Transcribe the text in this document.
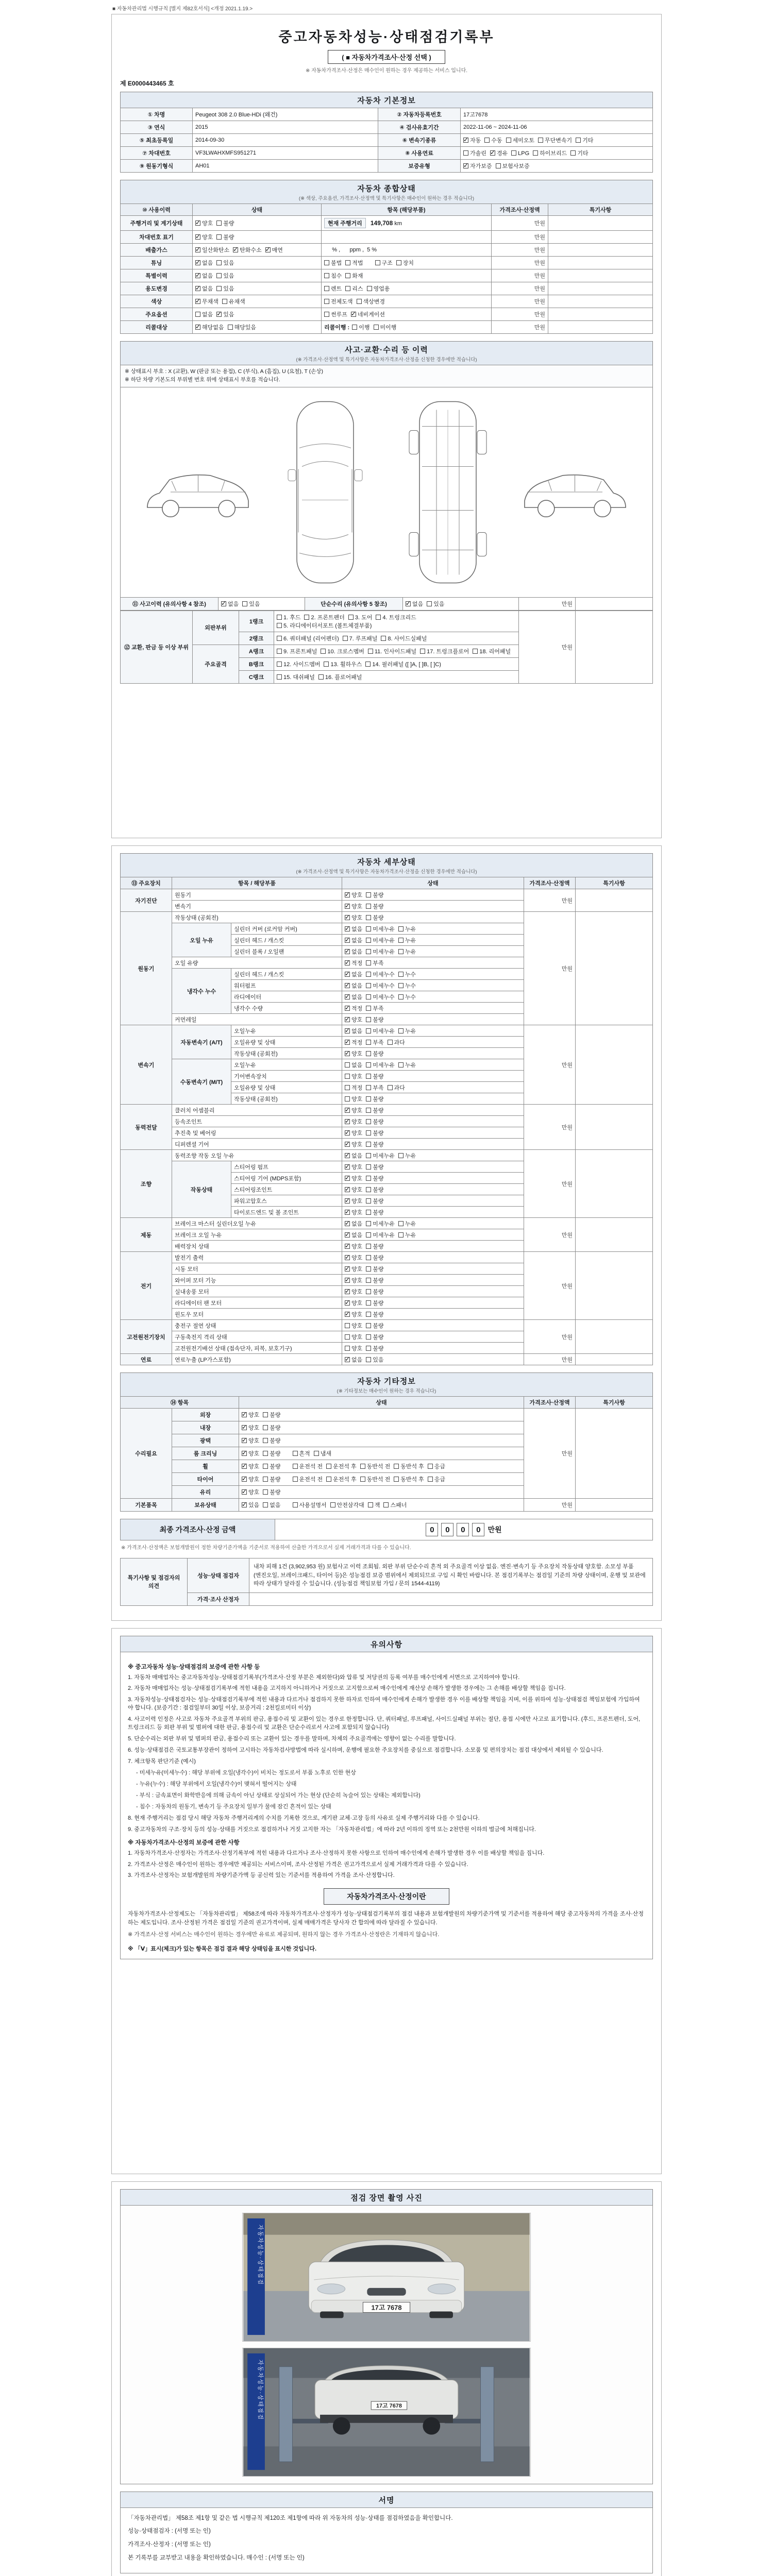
■ 자동차관리법 시행규칙 [별지 제82호서식] <개정 2021.1.19.>
중고자동차성능·상태점검기록부
( ■ 자동차가격조사·산정 선택 )
※ 자동차가격조사·산정은 매수인이 원하는 경우 제공하는 서비스 입니다.
제 E0000443465 호
자동차 기본정보
① 차명	Peugeot 308 2.0 Blue-HDi (왜건)	② 자동차등록번호	17고7678
③ 연식	2015	④ 검사유효기간	2022-11-06 ~ 2024-11-06
⑤ 최초등록일	2014-09-30	⑥ 변속기종류	✓자동 수동 세미오토 무단변속기 기타
⑦ 차대번호	VF3LWAHXMFS951271	⑧ 사용연료	가솔린 ✓ 경유 LPG 하이브리드 기타
⑨ 원동기형식	AH01	보증유형	✓자가보증 보험사보증
자동차 종합상태
(※ 색상, 주요옵션, 가격조사·산정액 및 특기사항은 매수인이 원하는 경우 적습니다)
⑩ 사용이력	상태	항목 (해당부품)	가격조사·산정액	특기사항
주행거리 및 계기상태	✓양호 불량	현재 주행거리 149,708 km	만원	
차대번호 표기	✓양호 불량		만원	
배출가스	✓일산화탄소 ✓ 탄화수소 ✓ 매연	% ,      ppm ,  5 %	만원	
튜닝	✓없음 있음	불법 적법 구조 장치	만원	
특별이력	✓없음 있음	침수 화재	만원	
용도변경	✓없음 있음	렌트 리스 영업용	만원	
색상	✓무채색 유채색	전체도색 색상변경	만원	
주요옵션	없음 ✓ 있음	썬루프 ✓ 네비게이션	만원	
리콜대상	✓해당없음 해당있음	리콜이행 : 이행 미이행	만원	
사고·교환·수리 등 이력
(※ 가격조사·산정액 및 특기사항은 자동차가격조사·산정을 신청한 경우에만 적습니다)
※ 상태표시 부호 : X (교환), W (판금 또는 용접), C (부식), A (흠집), U (요철), T (손상)
※ 하단 차량 기본도의 부위별 번호 위에 상태표시 부호를 적습니다.
⑪ 사고이력 (유의사항 4 참조)	✓없음 있음	단순수리 (유의사항 5 참조)	✓없음 있음	만원	
⑫ 교환, 판금 등 이상 부위	외판부위	1랭크	1. 후드 2. 프론트펜더 3. 도어 4. 트렁크리드5. 라디에이터서포트 (볼트체결부품)	만원	
		2랭크	6. 쿼터패널 (리어펜더) 7. 루프패널 8. 사이드실패널		
	주요골격	A랭크	9. 프론트패널 10. 크로스멤버 11. 인사이드패널 17. 트렁크플로어 18. 리어패널		
		B랭크	12. 사이드멤버 13. 휠하우스 14. 필러패널 ([ ]A, [ ]B, [ ]C)		
		C랭크	15. 대쉬패널 16. 플로어패널		
자동차 세부상태
(※ 가격조사·산정액 및 특기사항은 자동차가격조사·산정을 신청한 경우에만 적습니다)
⑬ 주요장치	항목 / 해당부품		상태	가격조사·산정액	특기사항
자기진단	원동기	✓양호 불량	만원	
	변속기	✓양호 불량
원동기	작동상태 (공회전)	✓양호 불량	만원	
	오일 누유	실린더 커버 (로커암 커버)	✓없음 미세누유 누유
		실린더 헤드 / 개스킷	✓없음 미세누유 누유
		실린더 블록 / 오일팬	✓없음 미세누유 누유
	오일 유량	✓적정 부족
	냉각수 누수	실린더 헤드 / 개스킷	✓없음 미세누수 누수
		워터펌프	✓없음 미세누수 누수
		라디에이터	✓없음 미세누수 누수
		냉각수 수량	✓적정 부족
	커먼레일	✓양호 불량
변속기	자동변속기 (A/T)	오일누유	✓없음 미세누유 누유	만원	
		오일유량 및 상태	✓적정 부족 과다
		작동상태 (공회전)	✓양호 불량
	수동변속기 (M/T)	오일누유	없음 미세누유 누유		
		기어변속장치	양호 불량		
		오일유량 및 상태	적정 부족 과다		
		작동상태 (공회전)	양호 불량		
동력전달	클러치 어셈블리	✓양호 불량	만원	
	등속조인트	✓양호 불량
	추진축 및 베어링	✓양호 불량
	디퍼렌셜 기어	✓양호 불량
조향	동력조향 작동 오일 누유	✓없음 미세누유 누유	만원	
	작동상태	스티어링 펌프	✓양호 불량
		스티어링 기어 (MDPS포함)	✓양호 불량
		스티어링조인트	✓양호 불량
		파워고압호스	✓양호 불량
		타이로드엔드 및 볼 조인트	✓양호 불량
제동	브레이크 마스터 실린더오일 누유	✓없음 미세누유 누유	만원	
	브레이크 오일 누유	✓없음 미세누유 누유
	배력장치 상태	✓양호 불량
전기	발전기 출력	✓양호 불량	만원	
	시동 모터	✓양호 불량
	와이퍼 모터 기능	✓양호 불량
	실내송풍 모터	✓양호 불량
	라디에이터 팬 모터	✓양호 불량
	윈도우 모터	✓양호 불량
고전원전기장치	충전구 절연 상태		양호 불량	만원	
	구동축전지 격리 상태		양호 불량		
	고전원전기배선 상태 (접속단자, 피복, 보호기구)		양호 불량		
연료	연료누출 (LP가스포함)	✓없음 있음	만원	
자동차 기타정보
(※ 기타정보는 매수인이 원하는 경우 적습니다)
⑭ 항목		상태	가격조사·산정액	특기사항
수리필요	외장	✓양호 불량	만원	
	내장	✓양호 불량
	광택	✓양호 불량
	룸 크리닝	✓양호 불량 흔적 냄새
	휠	✓양호 불량 운전석 전 운전석 후 동반석 전 동반석 후 응급
	타이어	✓양호 불량 운전석 전 운전석 후 동반석 전 동반석 후 응급
	유리	✓양호 불량
기본품목	보유상태	✓있음 없음 사용설명서 안전삼각대 잭 스패너	만원	
최종 가격조사·산정 금액	0	0	0	0 만원
※ 가격조사·산정액은 보험개발원이 정한 차량기준가액을 기준서로 적용하여 산출한 가격으로서 실제 거래가격과 다를 수 있습니다.
특기사항 및 점검자의 의견	성능·상태 점검자	내차 피해 1건 (3,902,953 원) 보험사고 이력 조회됨. 외판 부위 단순수리 흔적 외 주요골격 이상 없음. 엔진·변속기 등 주요장치 작동상태 양호함. 소모성 부품(엔진오일, 브레이크패드, 타이어 등)은 성능점검 보증 범위에서 제외되므로 구입 시 확인 바랍니다. 본 점검기록부는 점검일 기준의 차량 상태이며, 운행 및 보관에 따라 상태가 달라질 수 있습니다. (성능점검 책임보험 가입 / 문의 1544-4119)
	가격·조사 산정자	
유의사항
※ 중고자동차 성능·상태점검의 보증에 관한 사항 등
1. 자동차 매매업자는 중고자동차성능·상태점검기록부(가격조사·산정 부분은 제외한다)와 압류 및 저당권의 등록 여부를 매수인에게 서면으로 고지하여야 합니다.
2. 자동차 매매업자는 성능·상태점검기록부에 적힌 내용을 고지하지 아니하거나 거짓으로 고지함으로써 매수인에게 재산상 손해가 발생한 경우에는 그 손해를 배상할 책임을 집니다.
3. 자동차성능·상태점검자는 성능·상태점검기록부에 적힌 내용과 다르거나 점검하지 못한 하자로 인하여 매수인에게 손해가 발생한 경우 이를 배상할 책임을 지며, 이를 위하여 성능·상태점검 책임보험에 가입하여야 합니다. (보증기간 : 점검일부터 30일 이상, 보증거리 : 2천킬로미터 이상)
4. 사고이력 인정은 사고로 자동차 주요골격 부위의 판금, 용접수리 및 교환이 있는 경우로 한정합니다. 단, 쿼터패널, 루프패널, 사이드실패널 부위는 절단, 용접 시에만 사고로 표기합니다. (후드, 프론트펜더, 도어, 트렁크리드 등 외판 부위 및 범퍼에 대한 판금, 용접수리 및 교환은 단순수리로서 사고에 포함되지 않습니다)
5. 단순수리는 외판 부위 및 범퍼의 판금, 용접수리 또는 교환이 있는 경우를 말하며, 차체의 주요골격에는 영향이 없는 수리를 말합니다.
6. 성능·상태점검은 국토교통부장관이 정하여 고시하는 자동차검사방법에 따라 실시하며, 운행에 필요한 주요장치를 중심으로 점검합니다. 소모품 및 편의장치는 점검 대상에서 제외될 수 있습니다.
7. 체크항목 판단기준 (예시)
- 미세누유(미세누수) : 해당 부위에 오일(냉각수)이 비치는 정도로서 부품 노후로 인한 현상
- 누유(누수) : 해당 부위에서 오일(냉각수)이 맺혀서 떨어지는 상태
- 부식 : 금속표면이 화학반응에 의해 금속이 아닌 상태로 상실되어 가는 현상 (단순히 녹슬어 있는 상태는 제외합니다)
- 침수 : 자동차의 원동기, 변속기 등 주요장치 일부가 물에 잠긴 흔적이 있는 상태
8. 현재 주행거리는 점검 당시 해당 자동차 주행거리계의 수치를 기록한 것으로, 계기판 교체·고장 등의 사유로 실제 주행거리와 다를 수 있습니다.
9. 중고자동차의 구조·장치 등의 성능·상태를 거짓으로 점검하거나 거짓 고지한 자는 「자동차관리법」에 따라 2년 이하의 징역 또는 2천만원 이하의 벌금에 처해집니다.
※ 자동차가격조사·산정의 보증에 관한 사항
1. 자동차가격조사·산정자는 가격조사·산정기록부에 적힌 내용과 다르거나 조사·산정하지 못한 사항으로 인하여 매수인에게 손해가 발생한 경우 이를 배상할 책임을 집니다.
2. 가격조사·산정은 매수인이 원하는 경우에만 제공되는 서비스이며, 조사·산정된 가격은 권고가격으로서 실제 거래가격과 다를 수 있습니다.
3. 가격조사·산정자는 보험개발원의 차량기준가액 등 공신력 있는 기준서를 적용하여 가격을 조사·산정합니다.
자동차가격조사·산정이란
자동차가격조사·산정제도는 「자동차관리법」 제58조에 따라 자동차가격조사·산정자가 성능·상태점검기록부의 점검 내용과 보험개발원의 차량기준가액 및 기준서를 적용하여 해당 중고자동차의 가격을 조사·산정하는 제도입니다. 조사·산정된 가격은 점검일 기준의 권고가격이며, 실제 매매가격은 당사자 간 합의에 따라 달라질 수 있습니다.
※ 가격조사·산정 서비스는 매수인이 원하는 경우에만 유료로 제공되며, 원하지 않는 경우 가격조사·산정란은 기재하지 않습니다.
※ 「Ⅴ」표시(체크)가 있는 항목은 점검 결과 해당 상태임을 표시한 것입니다.
점검 장면 촬영 사진
자동차성능·상태점검
17고 7678
자동차성능·상태점검	17고 7678
서명
「자동차관리법」 제58조 제1항 및 같은 법 시행규칙 제120조 제1항에 따라 위 자동차의 성능·상태를 점검하였음을 확인합니다.
성능·상태점검자 : (서명 또는 인)
가격조사·산정자 : (서명 또는 인)
본 기록부를 교부받고 내용을 확인하였습니다. 매수인 : (서명 또는 인)
